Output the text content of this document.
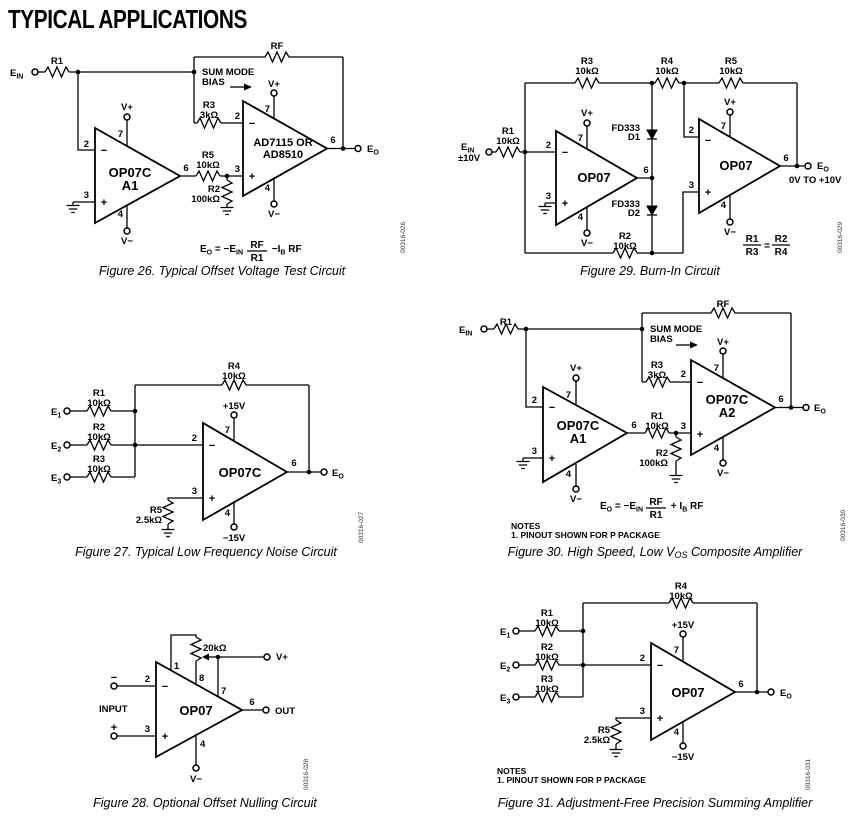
TYPICAL APPLICATIONS
$E_{IN}$
R1
RF
SUM MODE
BIAS
R3
3kΩ
R5
10kΩ
R2
100kΩ
OP07C
A1
AD7115 OR
AD8510
2
3
7
4
6
−
+
V+
V−
2
3
7
4
6
−
+
V+
V−
$E_O$
$E_O = -E_{IN}$
RF
R1
$-I_B$ RF	00316-026
Figure 26. Typical Offset Voltage Test Circuit
$E_{IN}$
±10V
R1
10kΩ
R3
10kΩ
R4
10kΩ
R5
10kΩ
FD333
D1
FD333
D2
R2
10kΩ
OP07
2
3
7
4
6
−
+
V+
V−
OP07
2
3
7
4
6
−
+
V+
V−
$E_O$
0V TO +10V
R1
R3
=
R2
R4	00316-029
Figure 29. Burn-In Circuit
$E_1$
$E_2$
$E_3$
R1
10kΩ
R2
10kΩ
R3
10kΩ
R4
10kΩ
R5
2.5kΩ
OP07C
2
3
7
4
6
−
+
+15V
−15V
$E_O$
00316-027
Figure 27. Typical Low Frequency Noise Circuit
$E_{IN}$
R1
RF
SUM MODE
BIAS
R3
3kΩ
R1
10kΩ
R2
100kΩ
OP07C
A1
OP07C
A2
2
3
7
4
6
−
+
V+
V−
2
3
7
4
6
−
+
V+
V−
$E_O$
$E_O = -E_{IN}$
RF
R1
+ $I_B$ RF
NOTES
1. PINOUT SHOWN FOR P PACKAGE	00316-030
Figure 30. High Speed, Low VOS Composite Amplifier
−
+
INPUT
2
3
1
8
7
6
4
−
+
20kΩ
OP07
V+
OUT
V−	00316-028
Figure 28. Optional Offset Nulling Circuit
$E_1$
$E_2$
$E_3$
R1
10kΩ
R2
10kΩ
R3
10kΩ
R4
10kΩ
R5
2.5kΩ
OP07
2
3
7
4
6
−
+
+15V
−15V
$E_O$
NOTES
1. PINOUT SHOWN FOR P PACKAGE	00316-031
Figure 31. Adjustment-Free Precision Summing Amplifier
